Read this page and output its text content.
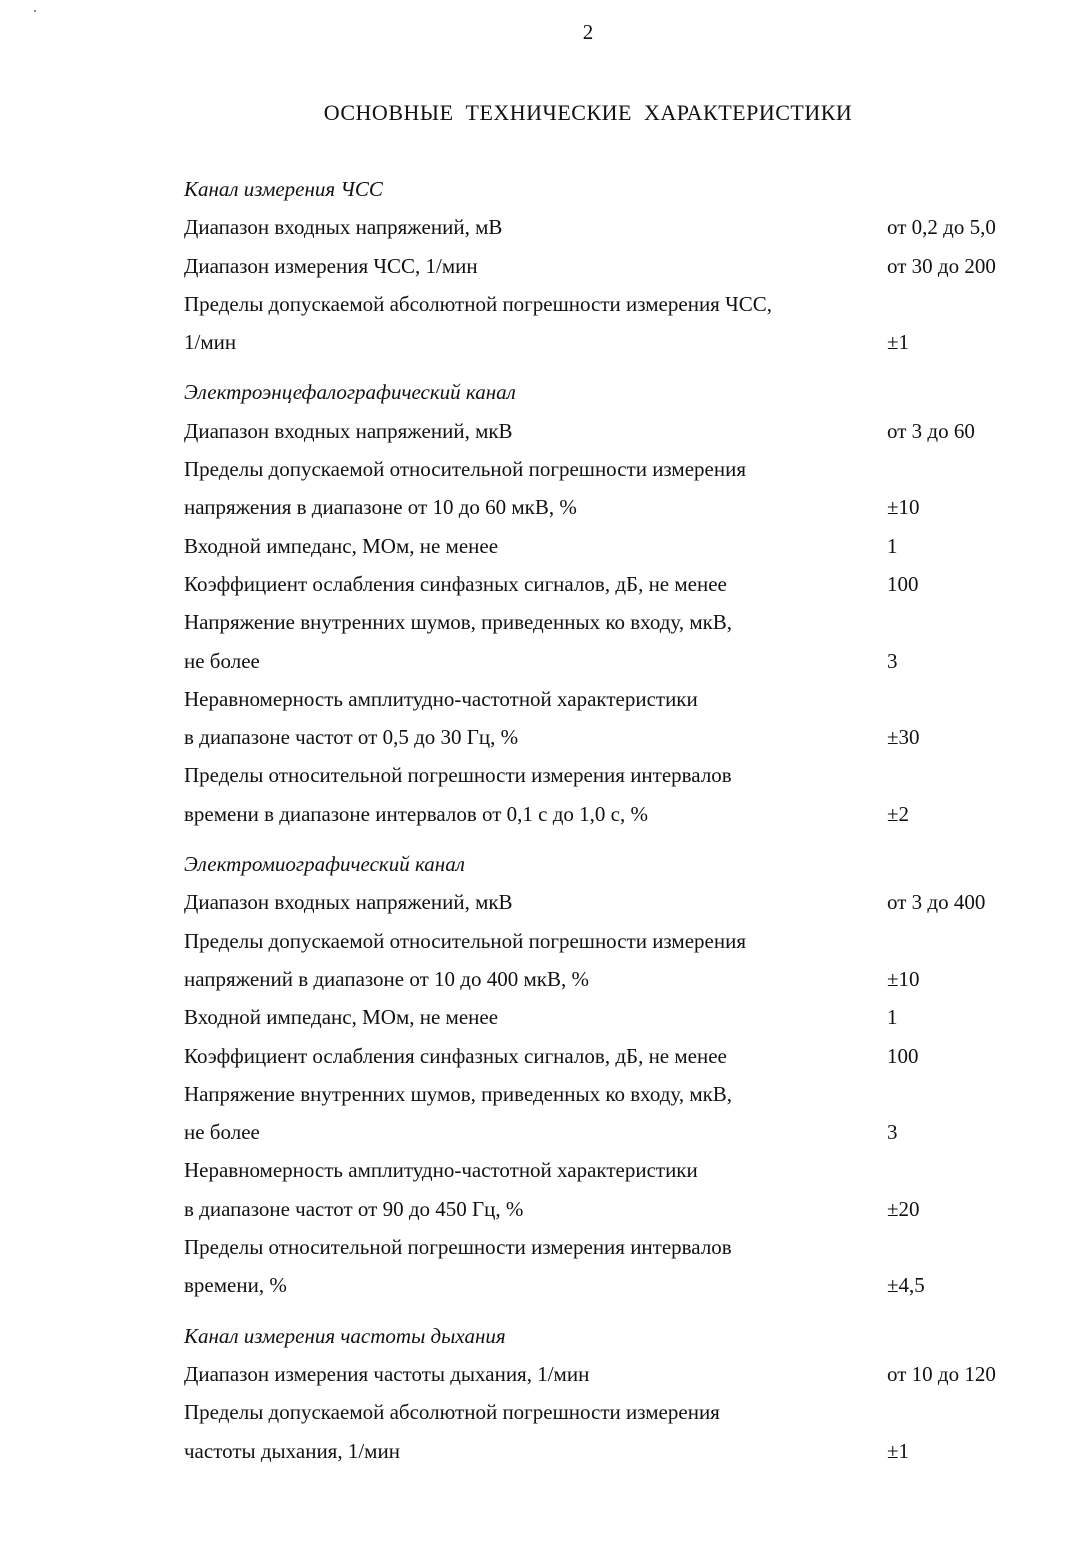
2
ОСНОВНЫЕ ТЕХНИЧЕСКИЕ ХАРАКТЕРИСТИКИ
Канал измерения ЧСС
Диапазон входных напряжений, мВ	от 0,2 до 5,0
Диапазон измерения ЧСС, 1/мин	от 30 до 200
Пределы допускаемой абсолютной погрешности измерения ЧСС,
1/мин	±1
Электроэнцефалографический канал
Диапазон входных напряжений, мкВ	от 3 до 60
Пределы допускаемой относительной погрешности измерения
напряжения в диапазоне от 10 до 60 мкВ, %	±10
Входной импеданс, МОм, не менее	1
Коэффициент ослабления синфазных сигналов, дБ, не менее	100
Напряжение внутренних шумов, приведенных ко входу, мкВ,
не более	3
Неравномерность амплитудно-частотной характеристики
в диапазоне частот от 0,5 до 30 Гц, %	±30
Пределы относительной погрешности измерения интервалов
времени в диапазоне интервалов от 0,1 с до 1,0 с, %	±2
Электромиографический канал
Диапазон входных напряжений, мкВ	от 3 до 400
Пределы допускаемой относительной погрешности измерения
напряжений в диапазоне от 10 до 400 мкВ, %	±10
Входной импеданс, МОм, не менее	1
Коэффициент ослабления синфазных сигналов, дБ, не менее	100
Напряжение внутренних шумов, приведенных ко входу, мкВ,
не более	3
Неравномерность амплитудно-частотной характеристики
в диапазоне частот от 90 до 450 Гц, %	±20
Пределы относительной погрешности измерения интервалов
времени, %	±4,5
Канал измерения частоты дыхания
Диапазон измерения частоты дыхания, 1/мин	от 10 до 120
Пределы допускаемой абсолютной погрешности измерения
частоты дыхания, 1/мин	±1
